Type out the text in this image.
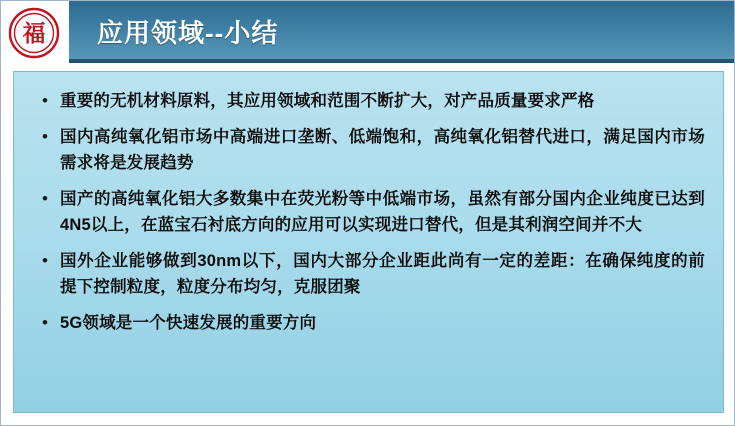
应用领域--小结
福
• 重要的无机材料原料，其应用领域和范围不断扩大，对产品质量要求严格
• 国内高纯氧化铝市场中高端进口垄断、低端饱和，高纯氧化铝替代进口，满足国内市场需求将是发展趋势
• 国产的高纯氧化铝大多数集中在荧光粉等中低端市场，虽然有部分国内企业纯度已达到4N5以上，在蓝宝石衬底方向的应用可以实现进口替代，但是其利润空间并不大
• 国外企业能够做到30nm以下，国内大部分企业距此尚有一定的差距：在确保纯度的前提下控制粒度，粒度分布均匀，克服团聚
• 5G领域是一个快速发展的重要方向
